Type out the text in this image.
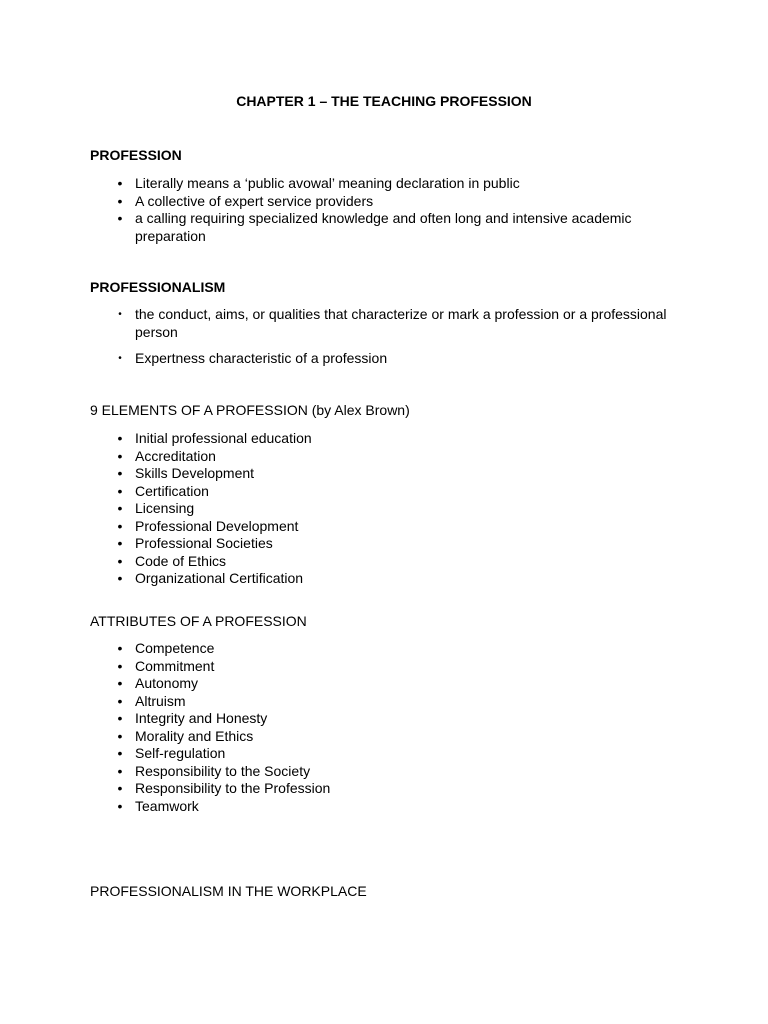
CHAPTER 1 – THE TEACHING PROFESSION
PROFESSION
• Literally means a ‘public avowal’ meaning declaration in public
• A collective of expert service providers
• a calling requiring specialized knowledge and often long and intensive academic preparation
PROFESSIONALISM
• the conduct, aims, or qualities that characterize or mark a profession or a professional person
• Expertness characteristic of a profession
9 ELEMENTS OF A PROFESSION (by Alex Brown)
• Initial professional education
• Accreditation
• Skills Development
• Certification
• Licensing
• Professional Development
• Professional Societies
• Code of Ethics
• Organizational Certification
ATTRIBUTES OF A PROFESSION
• Competence
• Commitment
• Autonomy
• Altruism
• Integrity and Honesty
• Morality and Ethics
• Self-regulation
• Responsibility to the Society
• Responsibility to the Profession
• Teamwork
PROFESSIONALISM IN THE WORKPLACE
